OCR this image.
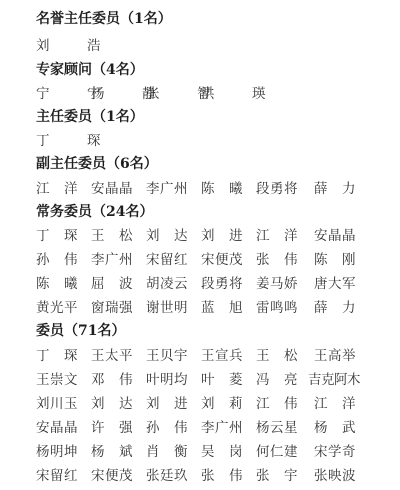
名誉主任委员（1名）
刘　浩
专家顾问（4名）
宁　宁
杨　静
张　智
洪　瑛
主任委员（1名）
丁　琛
副主任委员（6名）
江　洋 安晶晶 李广州 陈　曦 段勇将 薛　力
常务委员（24名）
丁　琛 王　松 刘　达 刘　进 江　洋 安晶晶
孙　伟 李广州 宋留红 宋便茂 张　伟 陈　刚
陈　曦 屈　波 胡凌云 段勇将 姜马娇 唐大军
黄光平 窗瑞强 谢世明 蓝　旭 雷鸣鸣 薛　力
委员（71名）
丁　琛 王太平 王贝宇 王宣兵 王　松 王高举
王崇文 邓　伟 叶明均 叶　菱 冯　亮 吉克阿木
刘川玉 刘　达 刘　进 刘　莉 江　伟 江　洋
安晶晶 许　强 孙　伟 李广州 杨云星 杨　武
杨明坤 杨　斌 肖　衡 吴　岗 何仁建 宋学奇
宋留红 宋便茂 张廷玖 张　伟 张　宇 张映波
